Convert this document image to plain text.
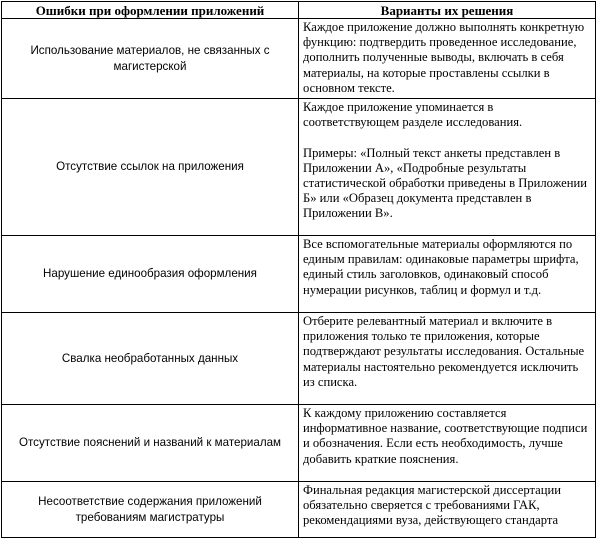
Ошибки при оформлении приложений	Варианты их решения
Использование материалов, не связанных с магистерской	Каждое приложение должно выполнять конкретную функцию: подтвердить проведенное исследование, дополнить полученные выводы, включать в себя материалы, на которые проставлены ссылки в основном тексте.

Отсутствие ссылок на приложения	Каждое приложение упоминается в соответствующем разделе исследования.
Примеры: «Полный текст анкеты представлен в Приложении А», «Подробные результаты статистической обработки приведены в Приложении Б» или «Образец документа представлен в Приложении В».

Нарушение единообразия оформления	Все вспомогательные материалы оформляются по единым правилам: одинаковые параметры шрифта, единый стиль заголовков, одинаковый способ нумерации рисунков, таблиц и формул и т.д.

Свалка необработанных данных	Отберите релевантный материал и включите в приложения только те приложения, которые подтверждают результаты исследования. Остальные материалы настоятельно рекомендуется исключить из списка.

Отсутствие пояснений и названий к материалам	К каждому приложению составляется информативное название, соответствующие подписи и обозначения. Если есть необходимость, лучше добавить краткие пояснения.

Несоответствие содержания приложений требованиям магистратуры	Финальная редакция магистерской диссертации обязательно сверяется с требованиями ГАК, рекомендациями вуза, действующего стандарта
